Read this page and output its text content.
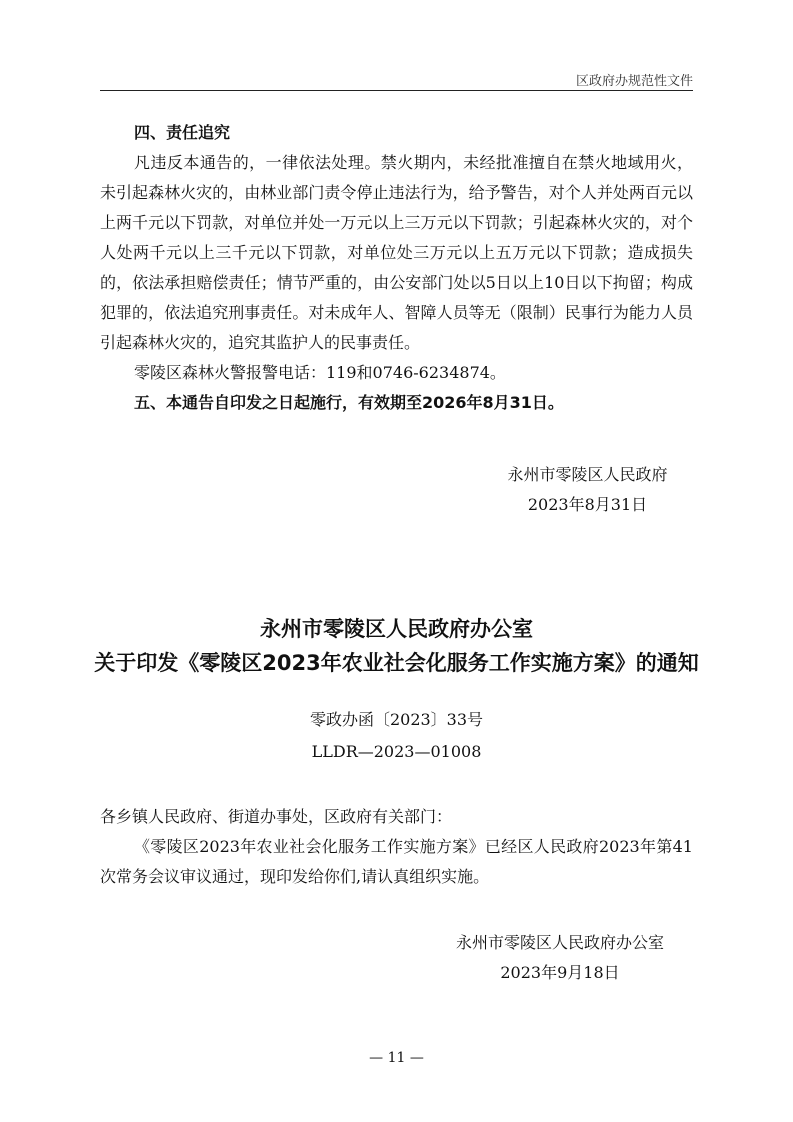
区政府办规范性文件

四、责任追究

凡违反本通告的，一律依法处理。禁火期内，未经批准擅自在禁火地域用火，未引起森林火灾的，由林业部门责令停止违法行为，给予警告，对个人并处两百元以上两千元以下罚款，对单位并处一万元以上三万元以下罚款；引起森林火灾的，对个人处两千元以上三千元以下罚款，对单位处三万元以上五万元以下罚款；造成损失的，依法承担赔偿责任；情节严重的，由公安部门处以5日以上10日以下拘留；构成犯罪的，依法追究刑事责任。对未成年人、智障人员等无（限制）民事行为能力人员引起森林火灾的，追究其监护人的民事责任。

零陵区森林火警报警电话：119和0746-6234874。

五、本通告自印发之日起施行，有效期至2026年8月31日。

永州市零陵区人民政府
2023年8月31日
永州市零陵区人民政府办公室
关于印发《零陵区2023年农业社会化服务工作实施方案》的通知
零政办函〔2023〕33号
LLDR—2023—01008

各乡镇人民政府、街道办事处，区政府有关部门：

《零陵区2023年农业社会化服务工作实施方案》已经区人民政府2023年第41次常务会议审议通过，现印发给你们,请认真组织实施。

永州市零陵区人民政府办公室
2023年9月18日
— 11 —
